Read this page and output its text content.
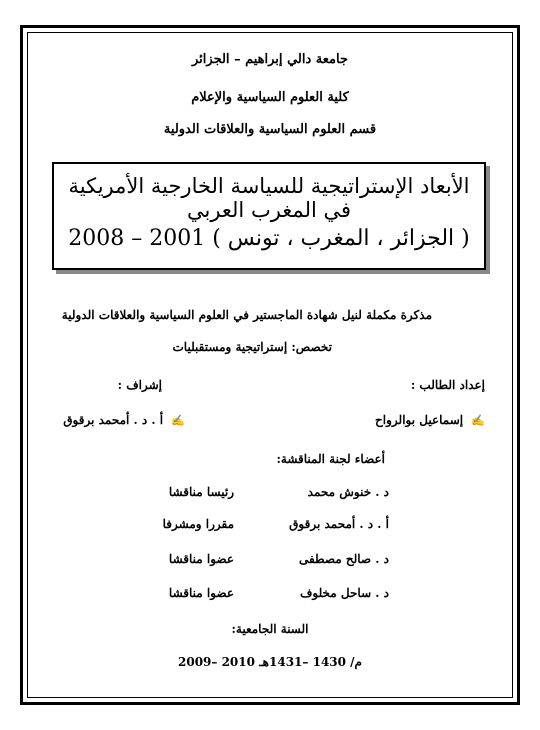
جامعة دالي إبراهيم – الجزائر
كلية العلوم السياسية والإعلام
قسم العلوم السياسية والعلاقات الدولية
الأبعاد الإستراتيجية للسياسة الخارجية الأمريكية في المغرب العربي
( الجزائر ، المغرب ، تونس ) 2001 – 2008
مذكرة مكملة لنيل شهادة الماجستير في العلوم السياسية والعلاقات الدولية
تخصص: إستراتيجية ومستقبليات
إعداد الطالب :
إشراف :
✍ إسماعيل بوالرواح
✍ أ . د . أمحمد برقوق
أعضاء لجنة المناقشة:
د . خنوش محمد
رئيسا مناقشا
أ . د . أمحمد برقوق
مقررا ومشرفا
د . صالح مصطفى
عضوا مناقشا
د . ساحل مخلوف
عضوا مناقشا
السنة الجامعية:
2009– 2010 م/ 1430 –1431هـ
